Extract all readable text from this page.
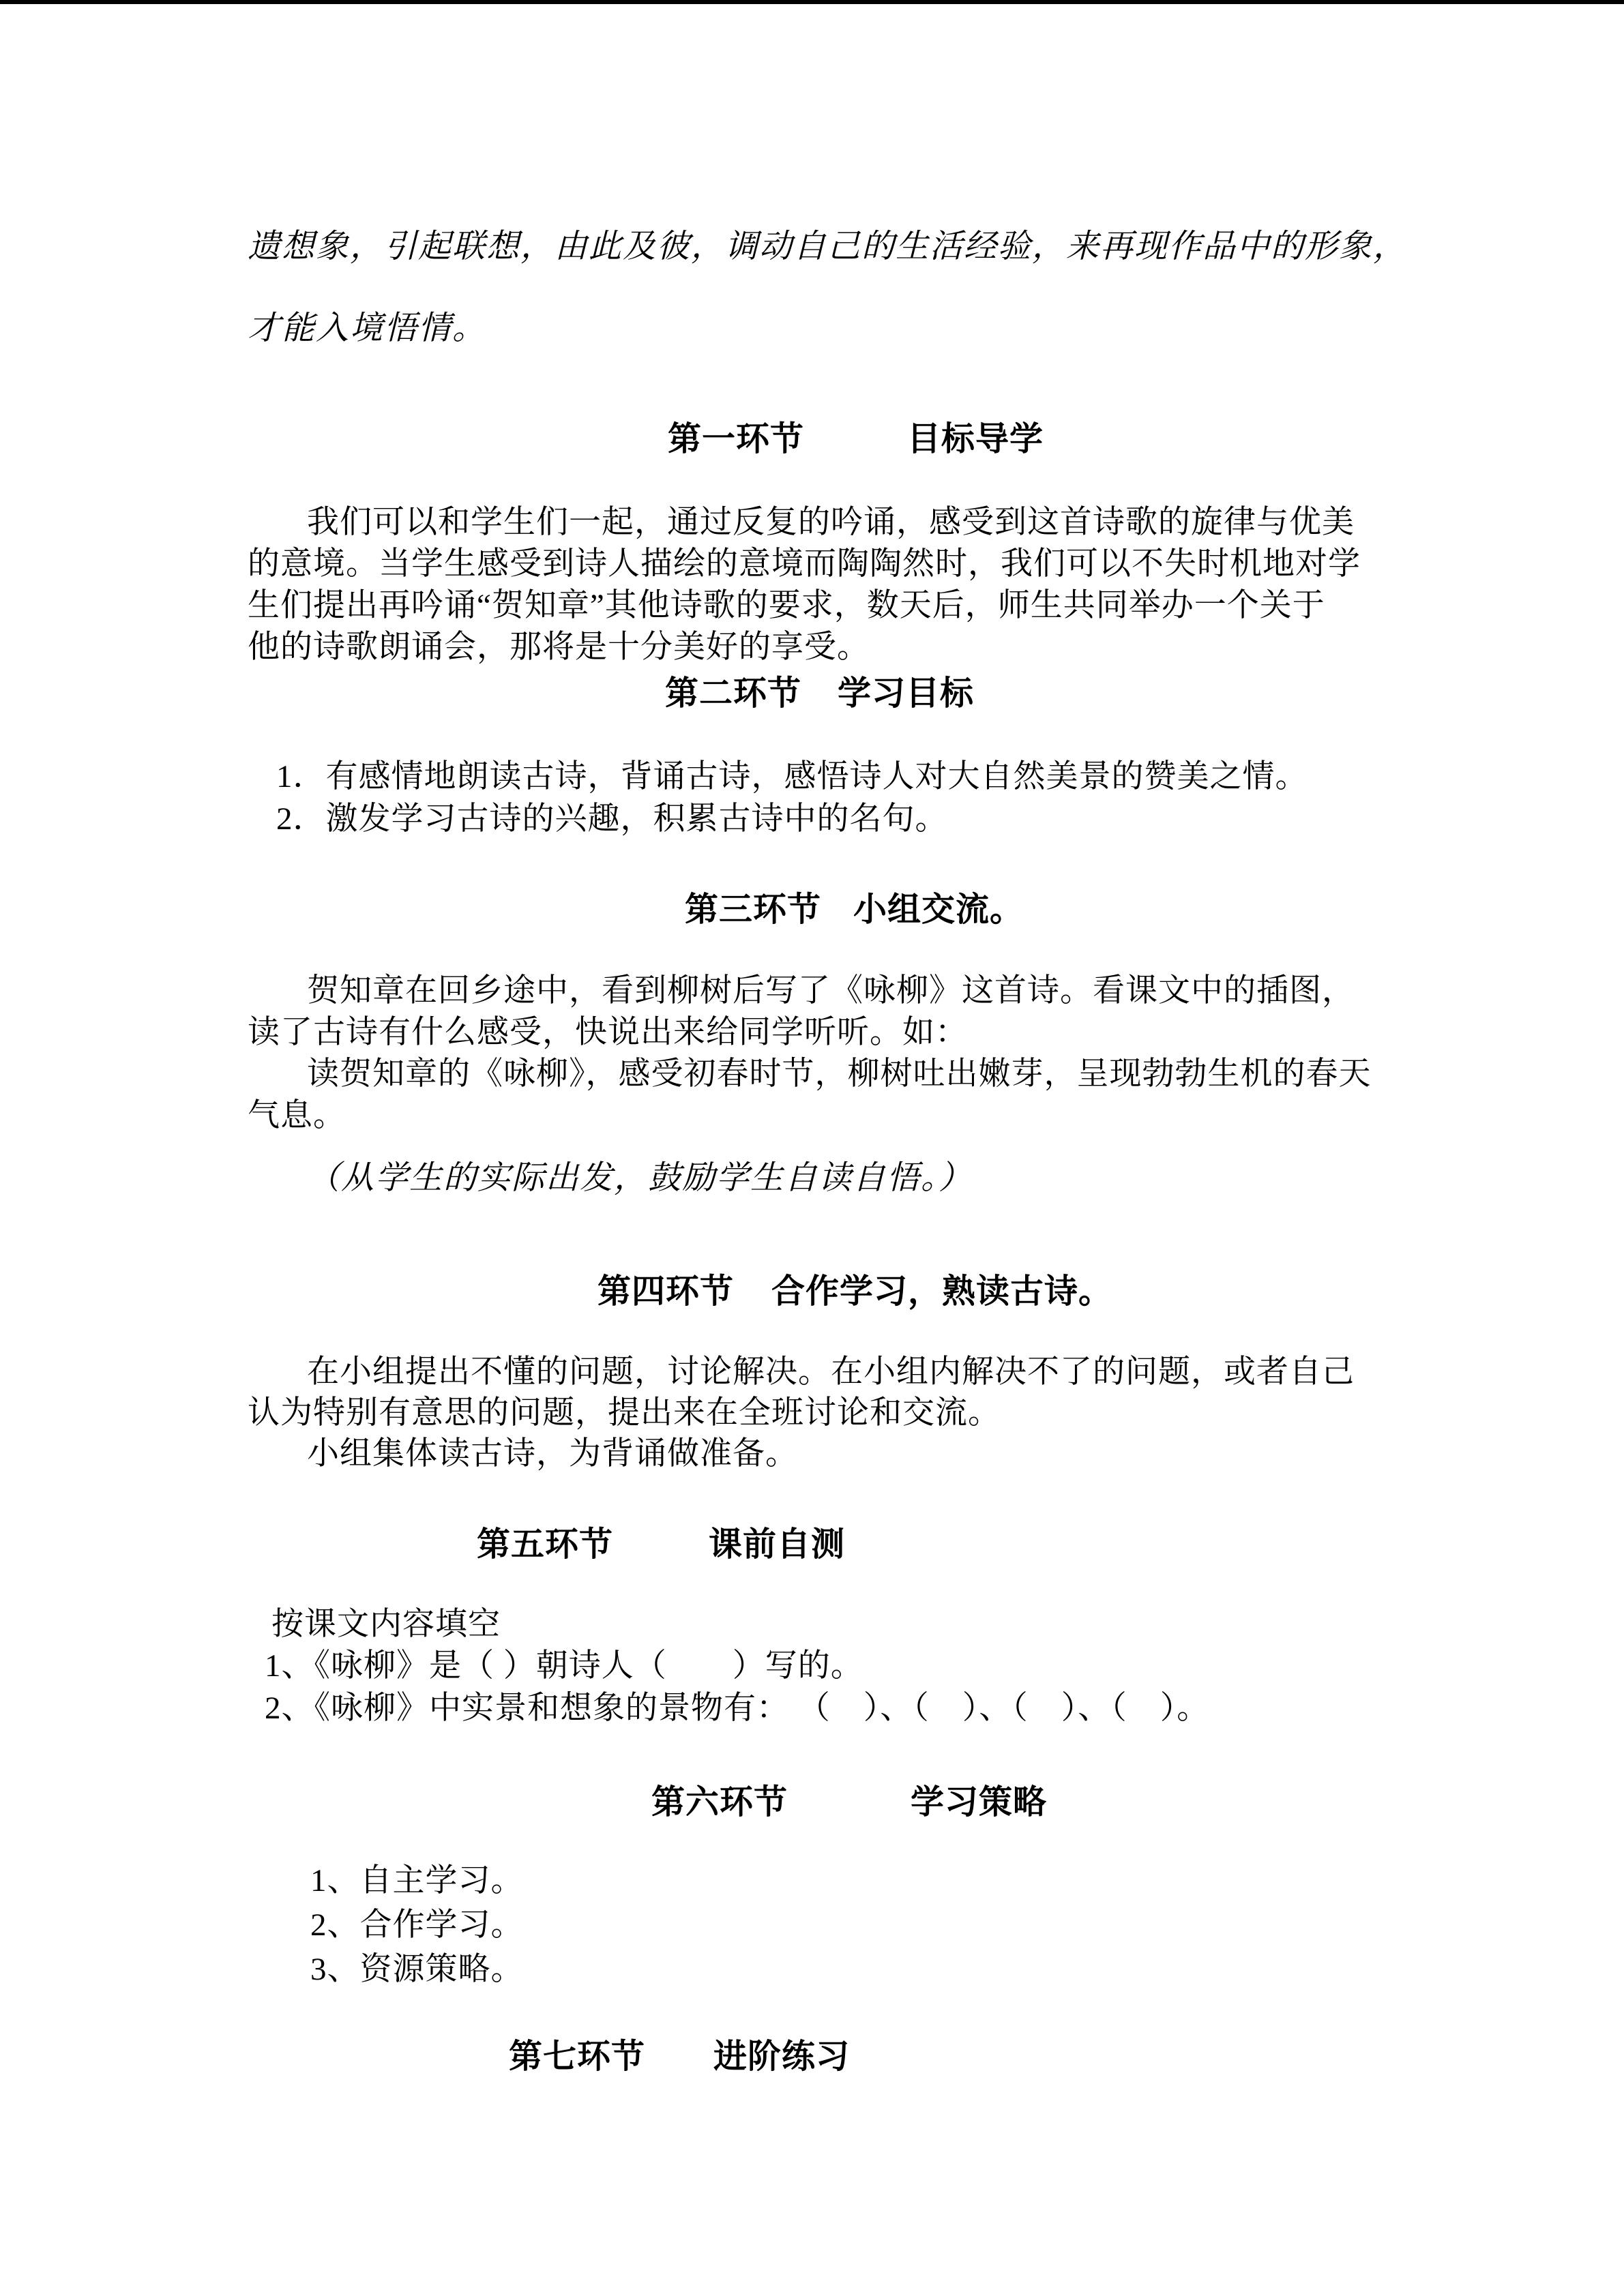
遗想象，引起联想，由此及彼，调动自己的生活经验，来再现作品中的形象，
才能入境悟情。
第一环节	目标导学
我们可以和学生们一起，通过反复的吟诵，感受到这首诗歌的旋律与优美
的意境。当学生感受到诗人描绘的意境而陶陶然时，我们可以不失时机地对学
生们提出再吟诵“贺知章”其他诗歌的要求，数天后，师生共同举办一个关于
他的诗歌朗诵会，那将是十分美好的享受。
第二环节 学习目标
1．有感情地朗读古诗，背诵古诗，感悟诗人对大自然美景的赞美之情。
2．激发学习古诗的兴趣，积累古诗中的名句。
第三环节 小组交流。
贺知章在回乡途中，看到柳树后写了《咏柳》这首诗。看课文中的插图，
读了古诗有什么感受，快说出来给同学听听。如：
读贺知章的《咏柳》，感受初春时节，柳树吐出嫩芽，呈现勃勃生机的春天
气息。
（从学生的实际出发，鼓励学生自读自悟。）
第四环节 合作学习，熟读古诗。
在小组提出不懂的问题，讨论解决。在小组内解决不了的问题，或者自己
认为特别有意思的问题，提出来在全班讨论和交流。
小组集体读古诗，为背诵做准备。
第五环节	课前自测
按课文内容填空
1、《咏柳》是（ ）朝诗人（　　）写的。
2、《咏柳》中实景和想象的景物有： （　）、（　）、（　）、（　）。
第六环节	学习策略
1、自主学习。
2、合作学习。
3、资源策略。
第七环节 进阶练习
